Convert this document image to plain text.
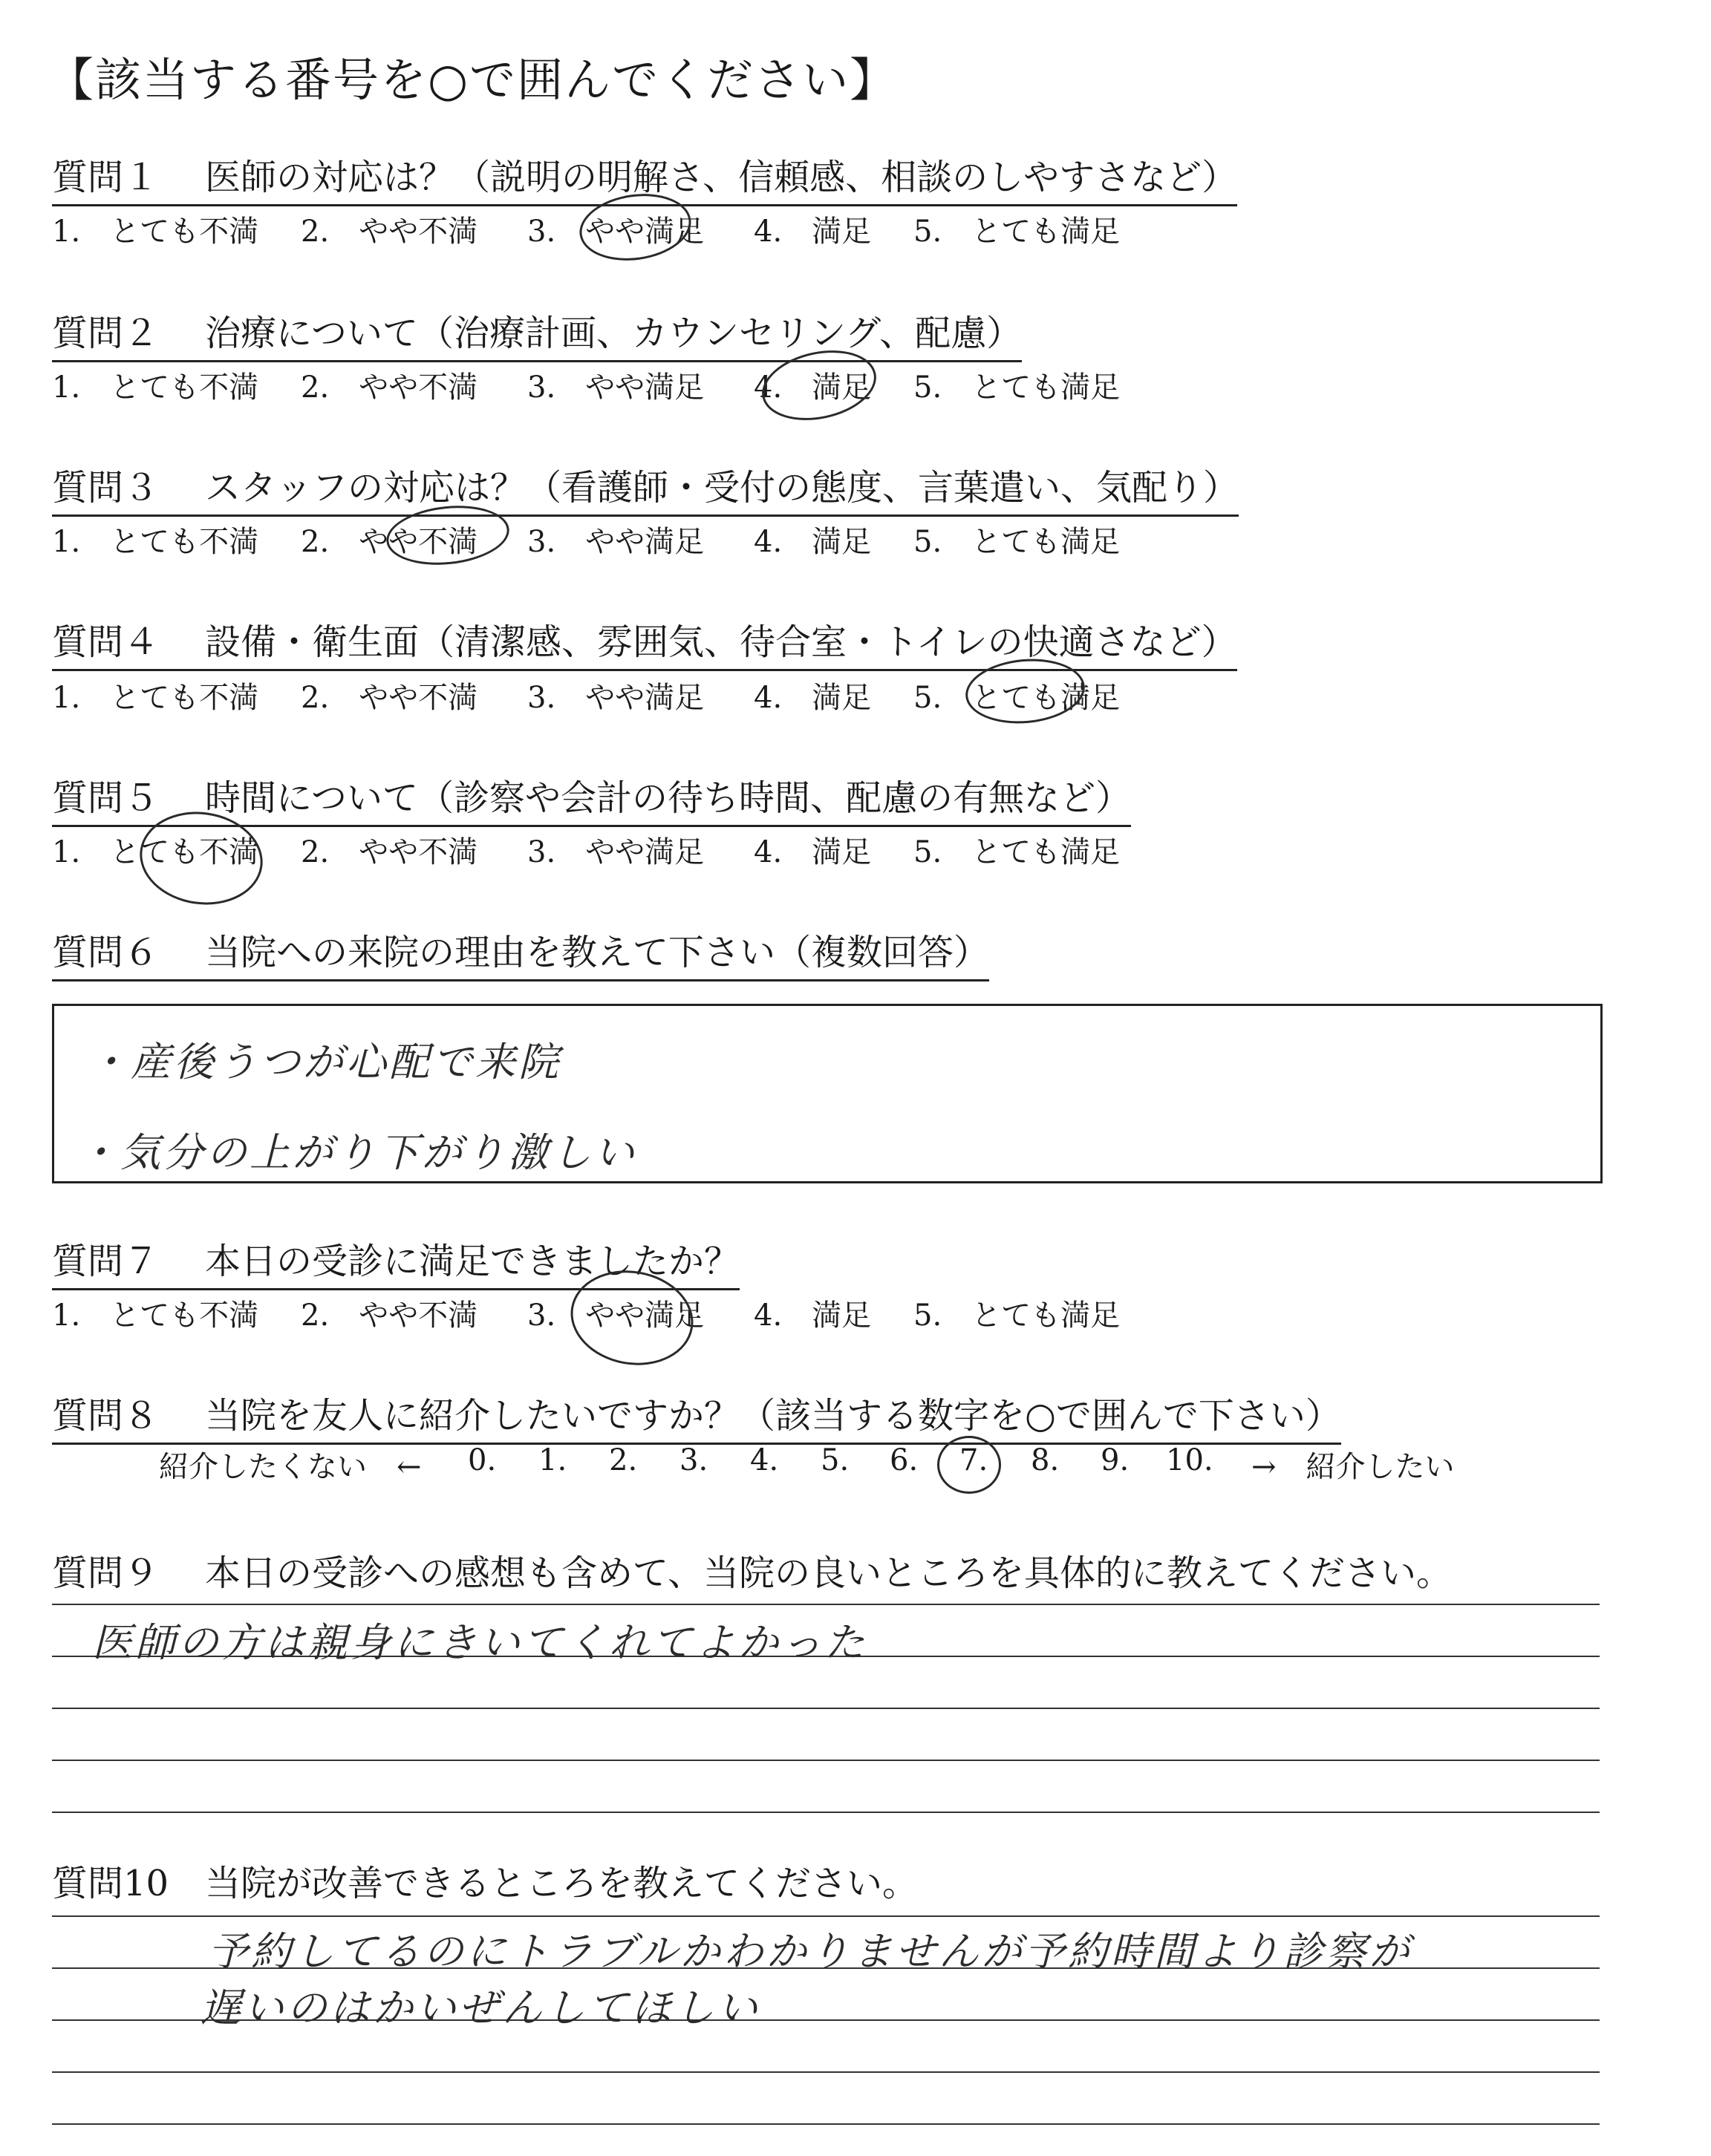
【該当する番号を○で囲んでください】
質問１ 医師の対応は？（説明の明解さ、信頼感、相談のしやすさなど）
1.　とても不満 2.　やや不満 3.　やや満足 4.　満足 5.　とても満足
質問２ 治療について（治療計画、カウンセリング、配慮）
1.　とても不満 2.　やや不満 3.　やや満足 4.　満足 5.　とても満足
質問３ スタッフの対応は？（看護師・受付の態度、言葉遣い、気配り）
1.　とても不満 2.　やや不満 3.　やや満足 4.　満足 5.　とても満足
質問４ 設備・衛生面（清潔感、雰囲気、待合室・トイレの快適さなど）
1.　とても不満 2.　やや不満 3.　やや満足 4.　満足 5.　とても満足
質問５ 時間について（診察や会計の待ち時間、配慮の有無など）
1.　とても不満 2.　やや不満 3.　やや満足 4.　満足 5.　とても満足
質問６ 当院への来院の理由を教えて下さい（複数回答）
・産後うつが心配で来院
・気分の上がり下がり激しい
質問７ 本日の受診に満足できましたか？
1.　とても不満 2.　やや不満 3.　やや満足 4.　満足 5.　とても満足
質問８ 当院を友人に紹介したいですか？（該当する数字を○で囲んで下さい）
紹介したくない　← 0. 1. 2. 3. 4. 5. 6. 7. 8. 9. 10. →　紹介したい
質問９ 本日の受診への感想も含めて、当院の良いところを具体的に教えてください。
医師の方は親身にきいてくれてよかった
質問10 当院が改善できるところを教えてください。
予約してるのにトラブルかわかりませんが予約時間より診察が
遅いのはかいぜんしてほしい
